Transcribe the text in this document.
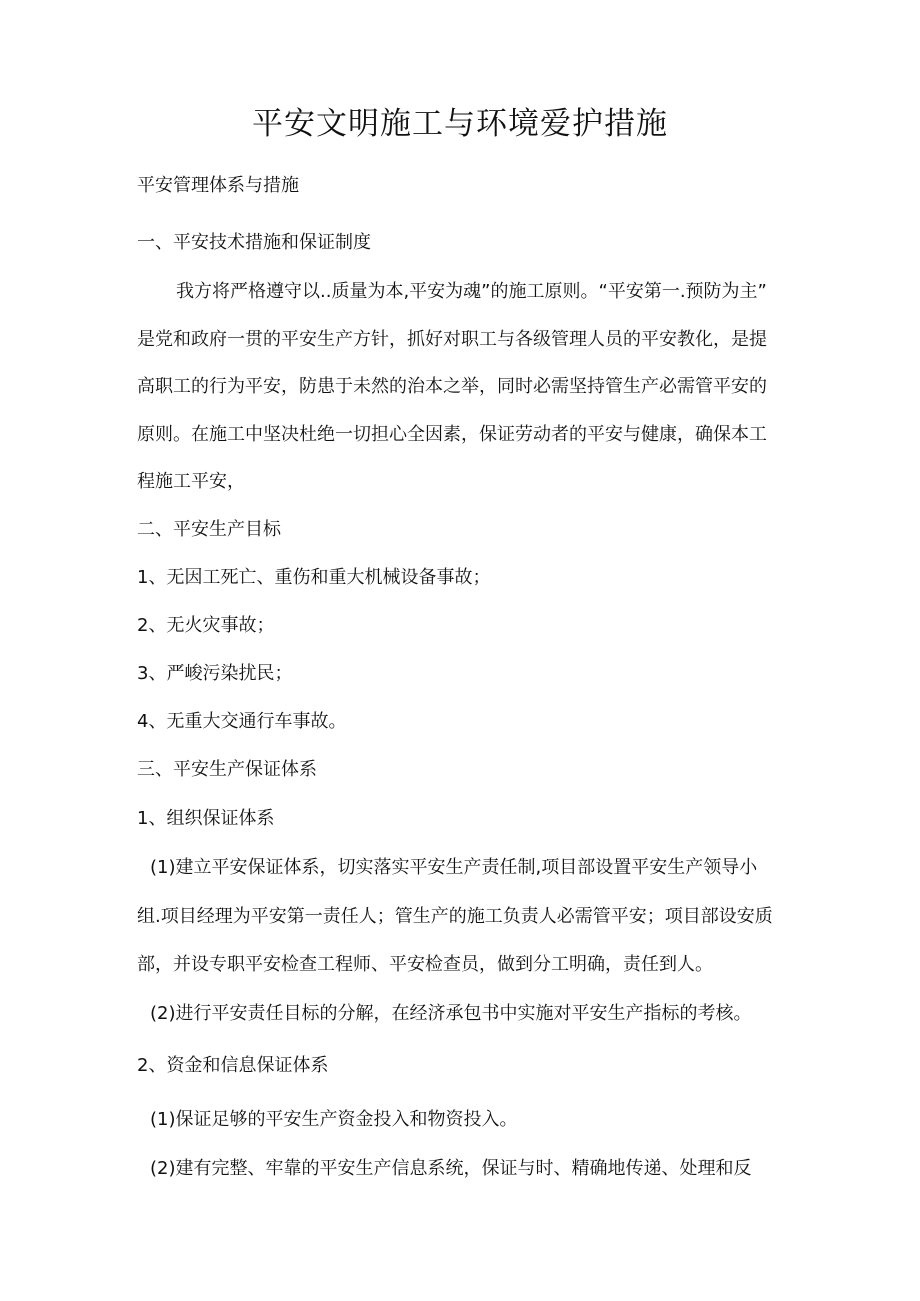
平安文明施工与环境爱护措施
平安管理体系与措施
一、平安技术措施和保证制度
我方将严格遵守以..质量为本,平安为魂”的施工原则。“平安第一.预防为主”
是党和政府一贯的平安生产方针，抓好对职工与各级管理人员的平安教化，是提
高职工的行为平安，防患于未然的治本之举，同时必需坚持管生产必需管平安的
原则。在施工中坚决杜绝一切担心全因素，保证劳动者的平安与健康，确保本工
程施工平安，
二、平安生产目标
1、无因工死亡、重伤和重大机械设备事故；
2、无火灾事故；
3、严峻污染扰民；
4、无重大交通行车事故。
三、平安生产保证体系
1、组织保证体系
(1)建立平安保证体系，切实落实平安生产责任制,项目部设置平安生产领导小
组.项目经理为平安第一责任人；管生产的施工负责人必需管平安；项目部设安质
部，并设专职平安检查工程师、平安检查员，做到分工明确，责任到人。
(2)进行平安责任目标的分解，在经济承包书中实施对平安生产指标的考核。
2、资金和信息保证体系
(1)保证足够的平安生产资金投入和物资投入。
(2)建有完整、牢靠的平安生产信息系统，保证与时、精确地传递、处理和反
